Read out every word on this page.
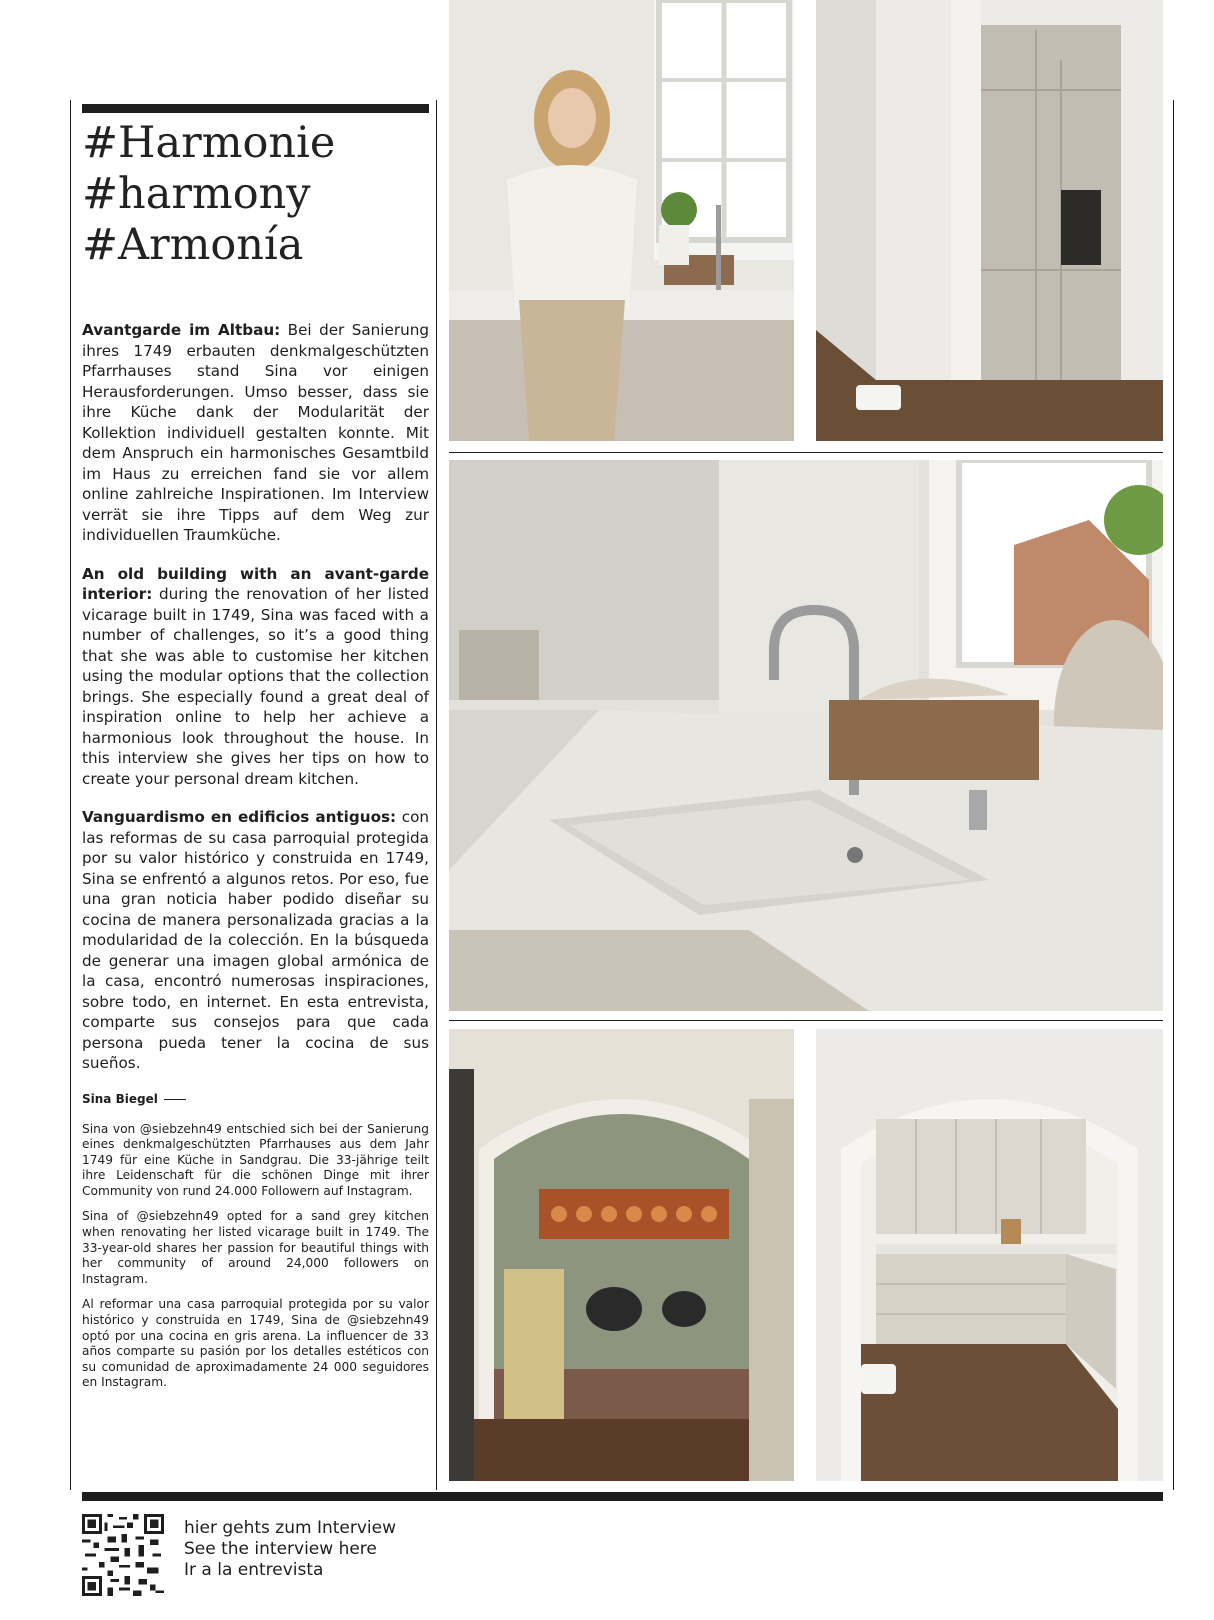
#Harmonie
#harmony
#Armonía

Avantgarde im Altbau: Bei der Sanierung ihres 1749 erbauten denkmalgeschützten Pfarrhauses stand Sina vor einigen Herausforderungen. Umso besser, dass sie ihre Küche dank der Modularität der Kollektion individuell gestalten konnte. Mit dem Anspruch ein harmonisches Gesamtbild im Haus zu erreichen fand sie vor allem online zahlreiche Inspirationen. Im Interview verrät sie ihre Tipps auf dem Weg zur individuellen Traumküche.

An old building with an avant-garde interior: during the renovation of her listed vicarage built in 1749, Sina was faced with a number of challenges, so it’s a good thing that she was able to customise her kitchen using the modular options that the collection brings. She especially found a great deal of inspiration online to help her achieve a harmonious look throughout the house. In this interview she gives her tips on how to create your personal dream kitchen.

Vanguardismo en edificios antiguos: con las reformas de su casa parroquial protegida por su valor histórico y construida en 1749, Sina se enfrentó a algunos retos. Por eso, fue una gran noticia haber podido diseñar su cocina de manera personalizada gracias a la modularidad de la colección. En la búsqueda de generar una imagen global armónica de la casa, encontró numerosas inspiraciones, sobre todo, en internet. En esta entrevista, comparte sus consejos para que cada persona pueda tener la cocina de sus sueños.

Sina Biegel

Sina von @siebzehn49 entschied sich bei der Sanierung eines denkmalgeschützten Pfarrhauses aus dem Jahr 1749 für eine Küche in Sandgrau. Die 33-jährige teilt ihre Leidenschaft für die schönen Dinge mit ihrer Community von rund 24.000 Followern auf Instagram.

Sina of @siebzehn49 opted for a sand grey kitchen when renovating her listed vicarage built in 1749. The 33-year-old shares her passion for beautiful things with her community of around 24,000 followers on Instagram.

Al reformar una casa parroquial protegida por su valor histórico y construida en 1749, Sina de @siebzehn49 optó por una cocina en gris arena. La influencer de 33 años comparte su pasión por los detalles estéticos con su comunidad de aproximadamente 24 000 seguidores en Instagram.

hier gehts zum Interview
See the interview here
Ir a la entrevista
